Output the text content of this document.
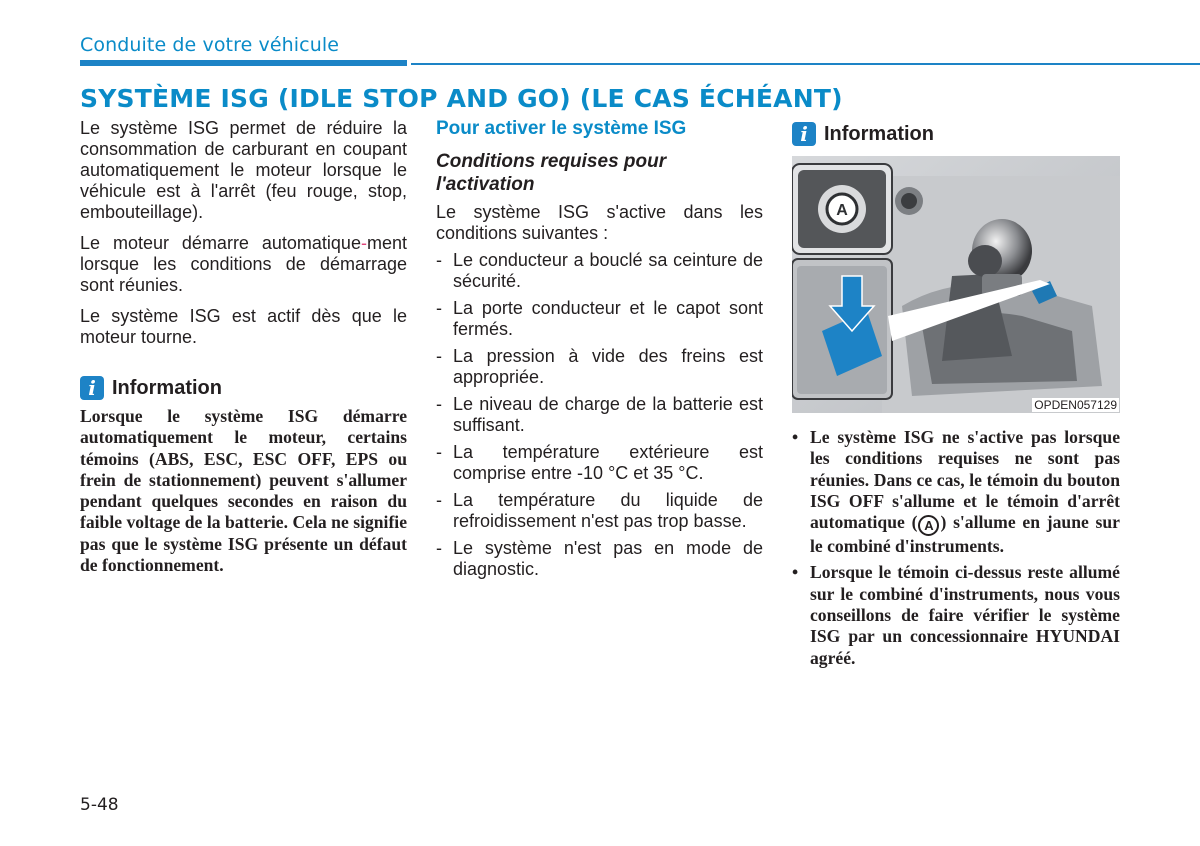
Conduite de votre véhicule
SYSTÈME ISG (IDLE STOP AND GO) (LE CAS ÉCHÉANT)

Le système ISG permet de réduire la consommation de carburant en coupant automatiquement le moteur lorsque le véhicule est à l'arrêt (feu rouge, stop, embouteillage).

Le moteur démarre automatique-ment lorsque les conditions de démarrage sont réunies.

Le système ISG est actif dès que le moteur tourne.

i Information

Lorsque le système ISG démarre automatiquement le moteur, certains témoins (ABS, ESC, ESC OFF, EPS ou frein de stationnement) peuvent s'allumer pendant quelques secondes en raison du faible voltage de la batterie. Cela ne signifie pas que le système ISG présente un défaut de fonctionnement.

Pour activer le système ISG
Conditions requises pour l'activation

Le système ISG s'active dans les conditions suivantes :

- Le conducteur a bouclé sa ceinture de sécurité.
- La porte conducteur et le capot sont fermés.
- La pression à vide des freins est appropriée.
- Le niveau de charge de la batterie est suffisant.
- La température extérieure est comprise entre -10 °C et 35 °C.
- La température du liquide de refroidissement n'est pas trop basse.
- Le système n'est pas en mode de diagnostic.
i Information
A
OPDEN057129
• Le système ISG ne s'active pas lorsque les conditions requises ne sont pas réunies. Dans ce cas, le témoin du bouton ISG OFF s'allume et le témoin d'arrêt automatique ( A ) s'allume en jaune sur le combiné d'instruments.
• Lorsque le témoin ci-dessus reste allumé sur le combiné d'instruments, nous vous conseillons de faire vérifier le système ISG par un concessionnaire HYUNDAI agréé.
5-48
